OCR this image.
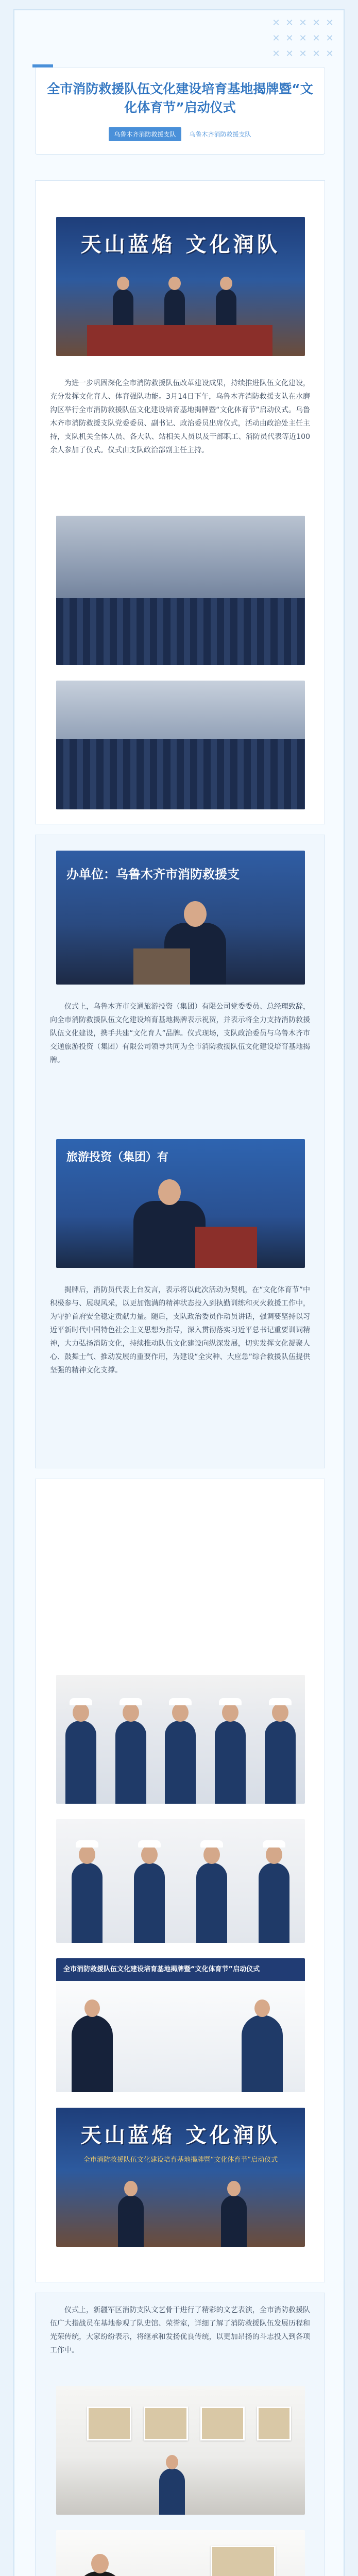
✕ ✕ ✕ ✕ ✕
✕ ✕ ✕ ✕ ✕
✕ ✕ ✕ ✕ ✕
全市消防救援队伍文化建设培育基地揭牌暨“文化体育节”启动仪式
乌鲁木齐消防救援支队	乌鲁木齐消防救援支队
天山蓝焰 文化润队

为进一步巩固深化全市消防救援队伍改革建设成果，持续推进队伍文化建设，充分发挥文化育人、体育强队功能。3月14日下午，乌鲁木齐消防救援支队在水磨沟区举行全市消防救援队伍文化建设培育基地揭牌暨“文化体育节”启动仪式。乌鲁木齐市消防救援支队党委委员、副书记、政治委员出席仪式，活动由政治处主任主持，支队机关全体人员、各大队、站相关人员以及干部职工、消防员代表等近100余人参加了仪式。仪式由支队政治部副主任主持。

办单位：乌鲁木齐市消防救援支

仪式上，乌鲁木齐市交通旅游投资（集团）有限公司党委委员、总经理致辞，向全市消防救援队伍文化建设培育基地揭牌表示祝贺，并表示将全力支持消防救援队伍文化建设，携手共建“文化育人”品牌。仪式现场，支队政治委员与乌鲁木齐市交通旅游投资（集团）有限公司领导共同为全市消防救援队伍文化建设培育基地揭牌。

旅游投资（集团）有

揭牌后，消防员代表上台发言，表示将以此次活动为契机，在“文化体育节”中积极参与、展现风采，以更加饱满的精神状态投入到执勤训练和灭火救援工作中，为守护首府安全稳定贡献力量。随后，支队政治委员作动员讲话，强调要坚持以习近平新时代中国特色社会主义思想为指导，深入贯彻落实习近平总书记重要训词精神，大力弘扬消防文化，持续推动队伍文化建设向纵深发展，切实发挥文化凝聚人心、鼓舞士气、推动发展的重要作用，为建设“全灾种、大应急”综合救援队伍提供坚强的精神文化支撑。

全市消防救援队伍文化建设培育基地揭牌暨“文化体育节”启动仪式
天山蓝焰 文化润队
全市消防救援队伍文化建设培育基地揭牌暨“文化体育节”启动仪式

仪式上，新疆军区消防支队文艺骨干进行了精彩的文艺表演，全市消防救援队伍广大指战员在基地参观了队史馆、荣誉室，详细了解了消防救援队伍发展历程和光荣传统，大家纷纷表示，将继承和发扬优良传统，以更加昂扬的斗志投入到各项工作中。
